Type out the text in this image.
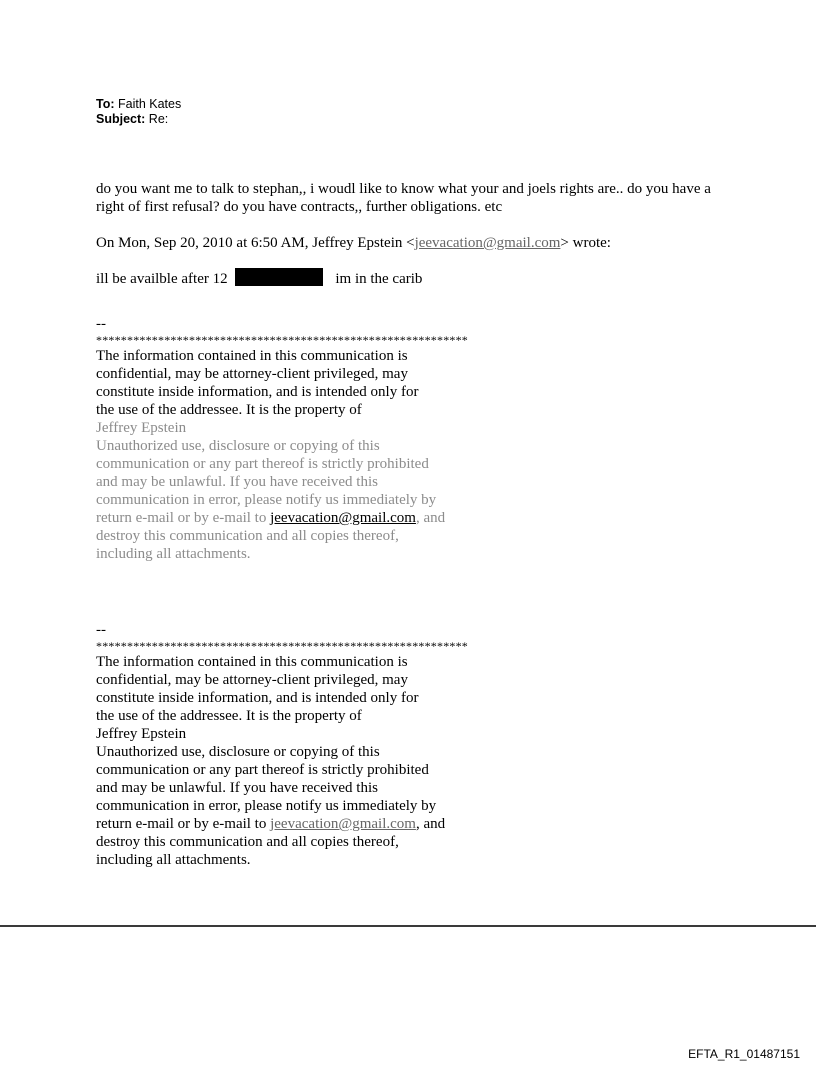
To: Faith Kates
Subject: Re:

do you want me to talk to stephan,, i woudl like to know what your and joels rights are.. do you have a right of first refusal? do you have contracts,, further obligations. etc

On Mon, Sep 20, 2010 at 6:50 AM, Jeffrey Epstein <jeevacation@gmail.com> wrote:

ill be availble after 12	im in the carib

--
************************************************************
The information contained in this communication is
confidential, may be attorney-client privileged, may
constitute inside information, and is intended only for
the use of the addressee. It is the property of
Jeffrey Epstein
Unauthorized use, disclosure or copying of this
communication or any part thereof is strictly prohibited
and may be unlawful. If you have received this
communication in error, please notify us immediately by
return e-mail or by e-mail to jeevacation@gmail.com, and
destroy this communication and all copies thereof,
including all attachments.
--
************************************************************
The information contained in this communication is
confidential, may be attorney-client privileged, may
constitute inside information, and is intended only for
the use of the addressee. It is the property of
Jeffrey Epstein
Unauthorized use, disclosure or copying of this
communication or any part thereof is strictly prohibited
and may be unlawful. If you have received this
communication in error, please notify us immediately by
return e-mail or by e-mail to jeevacation@gmail.com, and
destroy this communication and all copies thereof,
including all attachments.
EFTA_R1_01487151
